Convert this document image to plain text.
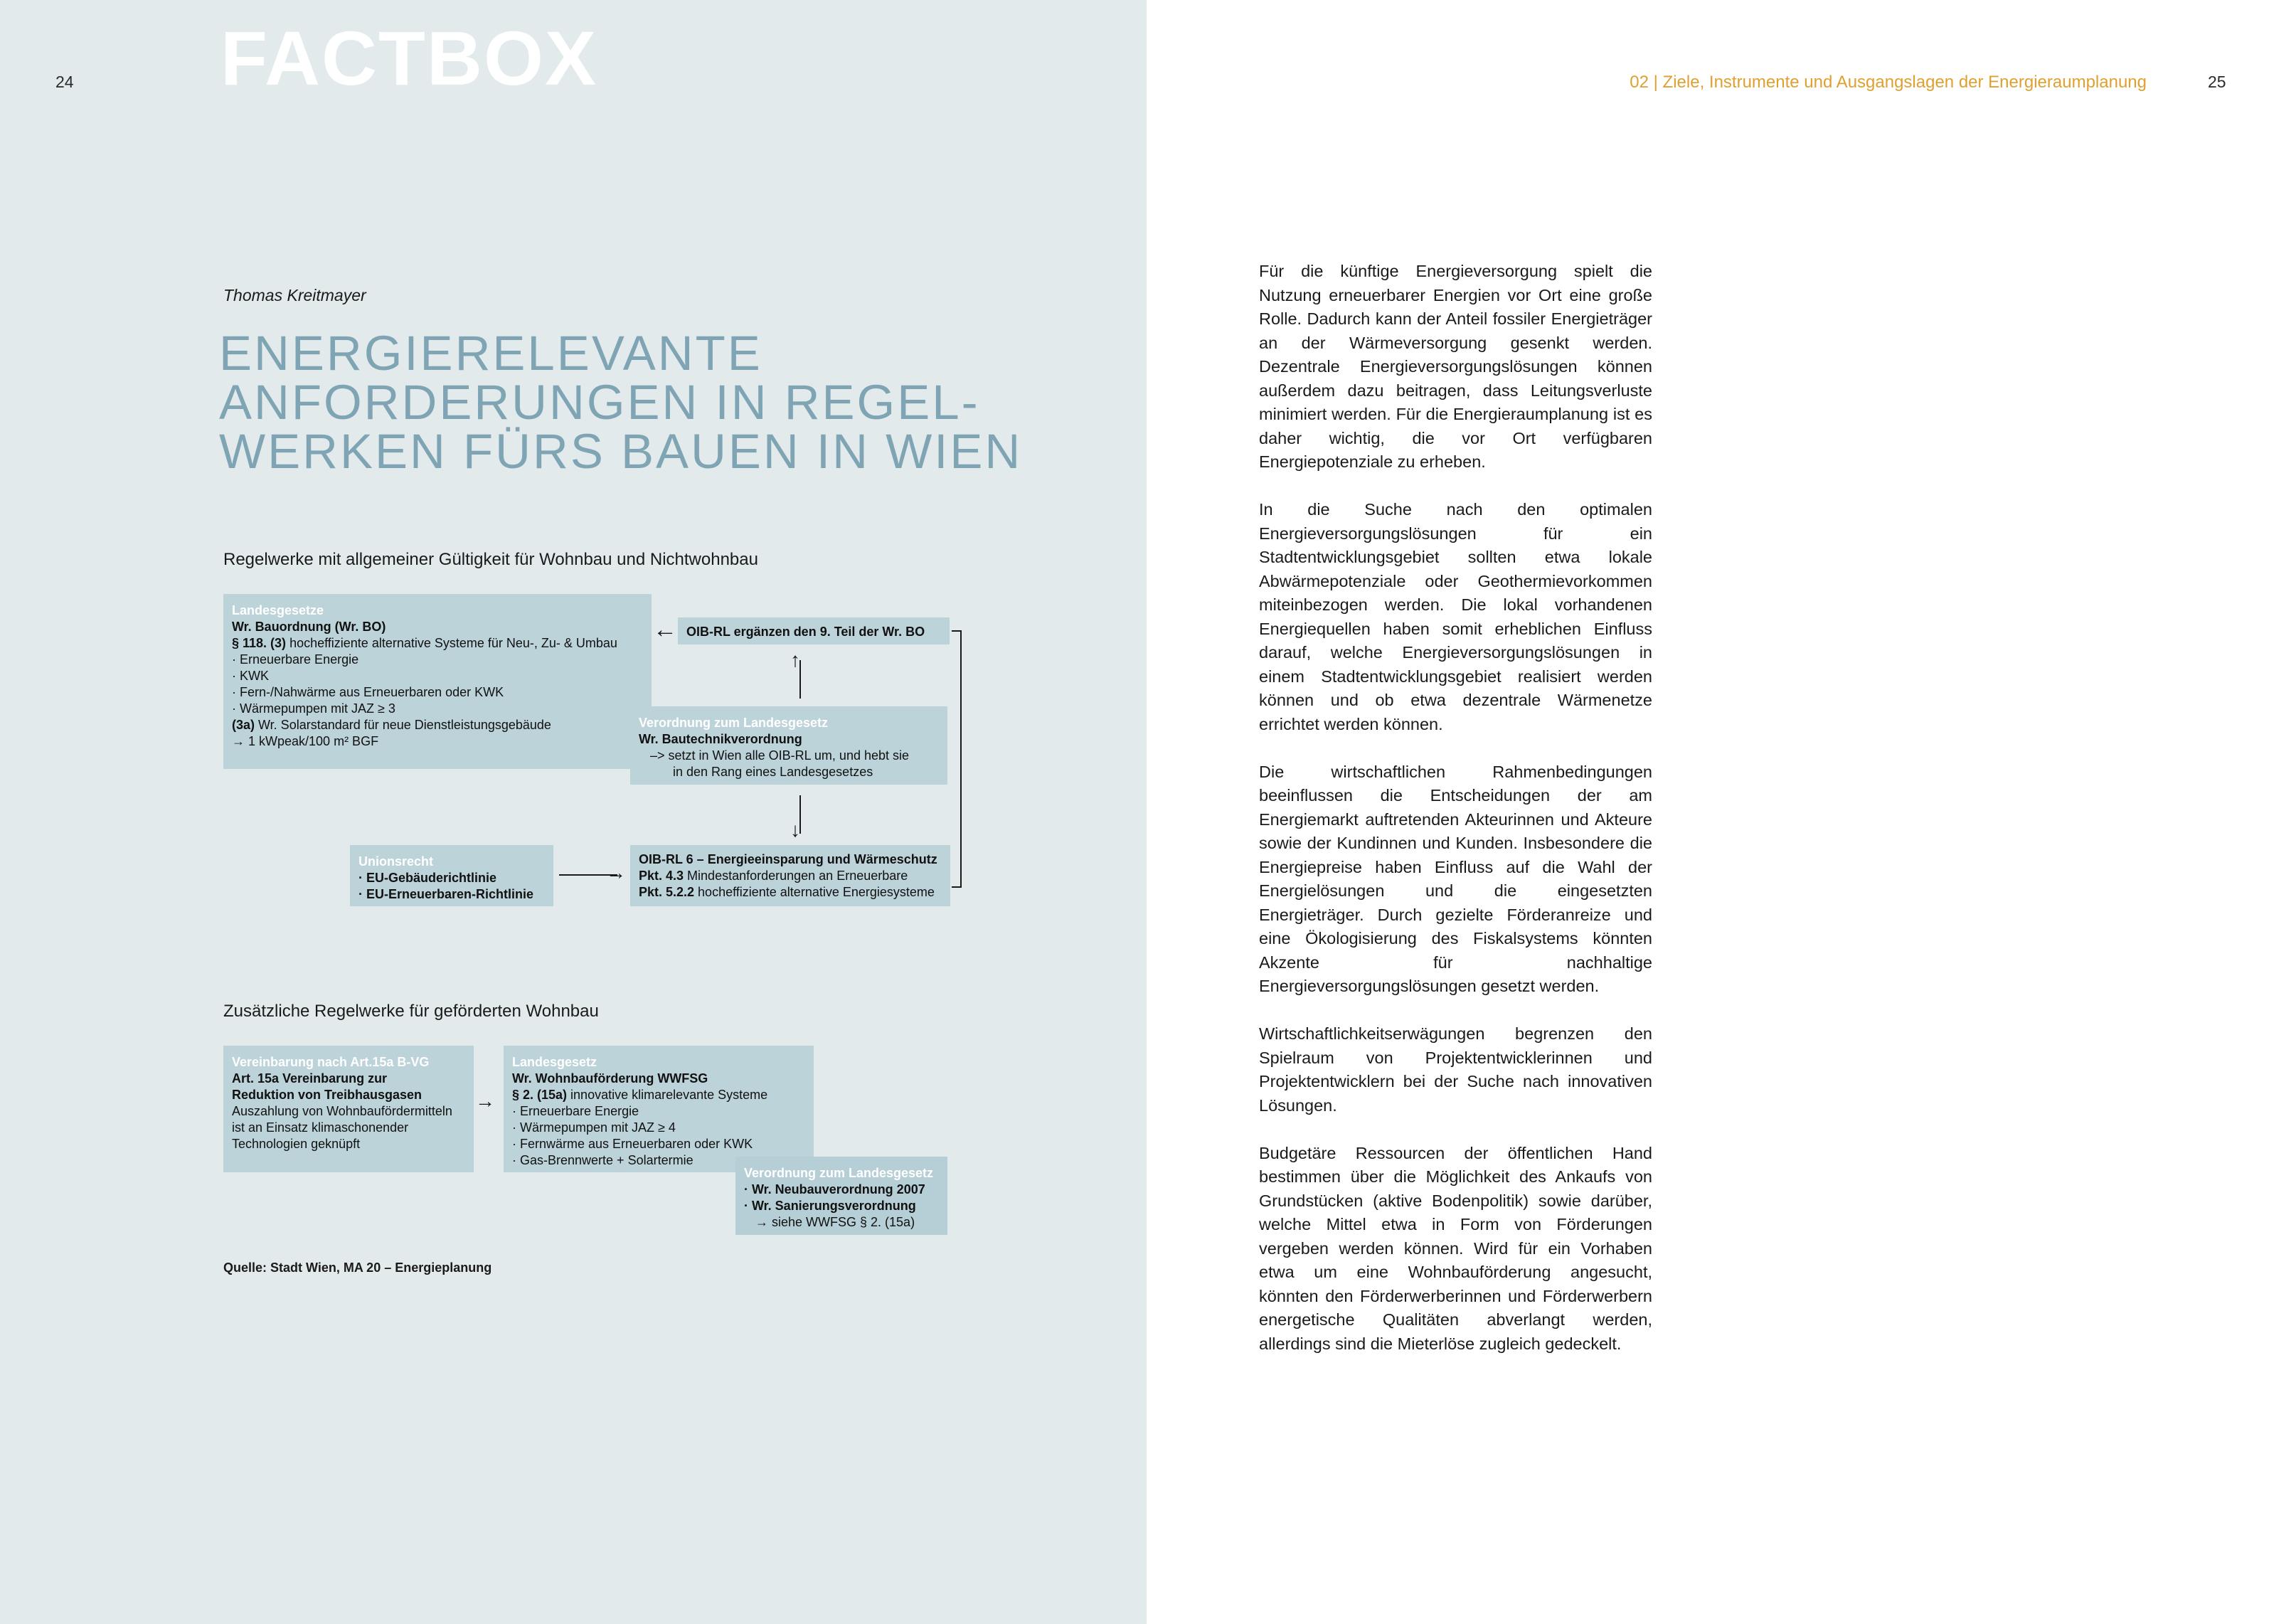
24 FACTBOX
Thomas Kreitmayer
ENERGIERELEVANTE
ANFORDERUNGEN IN REGEL-
WERKEN FÜRS BAUEN IN WIEN
Regelwerke mit allgemeiner Gültigkeit für Wohnbau und Nichtwohnbau
Landesgesetze
Wr. Bauordnung (Wr. BO)
§ 118. (3) hocheffiziente alternative Systeme für Neu-, Zu- & Umbau
· Erneuerbare Energie
· KWK
· Fern-/Nahwärme aus Erneuerbaren oder KWK
· Wärmepumpen mit JAZ ≥ 3
(3a) Wr. Solarstandard für neue Dienstleistungsgebäude
→ 1 kWpeak/100 m² BGF
← OIB-RL ergänzen den 9. Teil der Wr. BO
↑
Verordnung zum Landesgesetz
Wr. Bautechnikverordnung
–> setzt in Wien alle OIB-RL um, und hebt sie
in den Rang eines Landesgesetzes
↓
Unionsrecht
· EU-Gebäuderichtlinie
· EU-Erneuerbaren-Richtlinie
→
OIB-RL 6 – Energieeinsparung und Wärmeschutz
Pkt. 4.3 Mindestanforderungen an Erneuerbare
Pkt. 5.2.2 hocheffiziente alternative Energiesysteme
Zusätzliche Regelwerke für geförderten Wohnbau
Vereinbarung nach Art.15a B-VG
Art. 15a Vereinbarung zur
Reduktion von Treibhausgasen
Auszahlung von Wohnbaufördermitteln
ist an Einsatz klimaschonender
Technologien geknüpft
→
Landesgesetz
Wr. Wohnbauförderung WWFSG
§ 2. (15a) innovative klimarelevante Systeme
· Erneuerbare Energie
· Wärmepumpen mit JAZ ≥ 4
· Fernwärme aus Erneuerbaren oder KWK
· Gas-Brennwerte + Solartermie
Verordnung zum Landesgesetz
· Wr. Neubauverordnung 2007
· Wr. Sanierungsverordnung
→ siehe WWFSG § 2. (15a)
Quelle: Stadt Wien, MA 20 – Energieplanung
02 | Ziele, Instrumente und Ausgangslagen der Energieraumplanung	25

Für die künftige Energieversorgung spielt die Nutzung erneuerbarer Energien vor Ort eine große Rolle. Dadurch kann der Anteil fossiler Energieträger an der Wärmeversorgung gesenkt werden. Dezentrale Energieversorgungslösungen können außerdem dazu beitragen, dass Leitungsverluste minimiert werden. Für die Energieraumplanung ist es daher wichtig, die vor Ort verfügbaren Energiepotenziale zu erheben.

In die Suche nach den optimalen Energieversorgungslösungen für ein Stadtentwicklungsgebiet sollten etwa lokale Abwärmepotenziale oder Geothermievorkommen miteinbezogen werden. Die lokal vorhandenen Energiequellen haben somit erheblichen Einfluss darauf, welche Energieversorgungslösungen in einem Stadtentwicklungsgebiet realisiert werden können und ob etwa dezentrale Wärmenetze errichtet werden können.

Die wirtschaftlichen Rahmenbedingungen beeinflussen die Entscheidungen der am Energiemarkt auftretenden Akteurinnen und Akteure sowie der Kundinnen und Kunden. Insbesondere die Energiepreise haben Einfluss auf die Wahl der Energielösungen und die eingesetzten Energieträger. Durch gezielte Förderanreize und eine Ökologisierung des Fiskalsystems könnten Akzente für nachhaltige Energieversorgungslösungen gesetzt werden.

Wirtschaftlichkeitserwägungen begrenzen den Spielraum von Projektentwicklerinnen und Projektentwicklern bei der Suche nach innovativen Lösungen.

Budgetäre Ressourcen der öffentlichen Hand bestimmen über die Möglichkeit des Ankaufs von Grundstücken (aktive Bodenpolitik) sowie darüber, welche Mittel etwa in Form von Förderungen vergeben werden können. Wird für ein Vorhaben etwa um eine Wohnbauförderung angesucht, könnten den Förderwerberinnen und Förderwerbern energetische Qualitäten abverlangt werden, allerdings sind die Mieterlöse zugleich gedeckelt.
